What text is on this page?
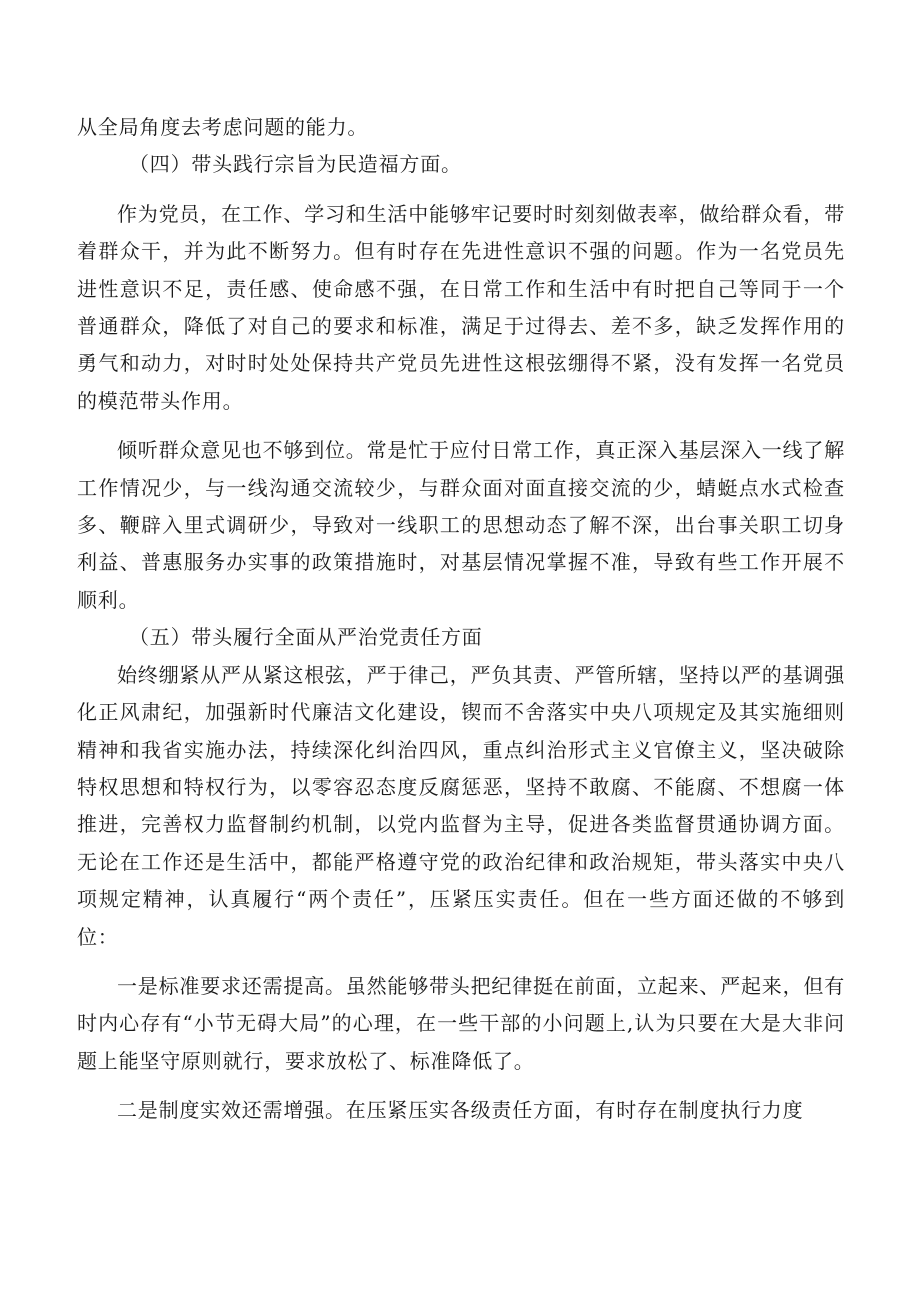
从全局角度去考虑问题的能力。

（四）带头践行宗旨为民造福方面。

作为党员，在工作、学习和生活中能够牢记要时时刻刻做表率，做给群众看，带着群众干，并为此不断努力。但有时存在先进性意识不强的问题。作为一名党员先进性意识不足，责任感、使命感不强，在日常工作和生活中有时把自己等同于一个普通群众，降低了对自己的要求和标准，满足于过得去、差不多，缺乏发挥作用的勇气和动力，对时时处处保持共产党员先进性这根弦绷得不紧，没有发挥一名党员的模范带头作用。

倾听群众意见也不够到位。常是忙于应付日常工作，真正深入基层深入一线了解工作情况少，与一线沟通交流较少，与群众面对面直接交流的少，蜻蜓点水式检查多、鞭辟入里式调研少，导致对一线职工的思想动态了解不深，出台事关职工切身利益、普惠服务办实事的政策措施时，对基层情况掌握不准，导致有些工作开展不顺利。

（五）带头履行全面从严治党责任方面

始终绷紧从严从紧这根弦，严于律己，严负其责、严管所辖，坚持以严的基调强化正风肃纪，加强新时代廉洁文化建设，锲而不舍落实中央八项规定及其实施细则精神和我省实施办法，持续深化纠治四风，重点纠治形式主义官僚主义，坚决破除特权思想和特权行为，以零容忍态度反腐惩恶，坚持不敢腐、不能腐、不想腐一体推进，完善权力监督制约机制，以党内监督为主导，促进各类监督贯通协调方面。无论在工作还是生活中，都能严格遵守党的政治纪律和政治规矩，带头落实中央八项规定精神，认真履行“两个责任”，压紧压实责任。但在一些方面还做的不够到位：

一是标准要求还需提高。虽然能够带头把纪律挺在前面，立起来、严起来，但有时内心存有“小节无碍大局”的心理，在一些干部的小问题上,认为只要在大是大非问题上能坚守原则就行，要求放松了、标准降低了。

二是制度实效还需增强。在压紧压实各级责任方面，有时存在制度执行力度
